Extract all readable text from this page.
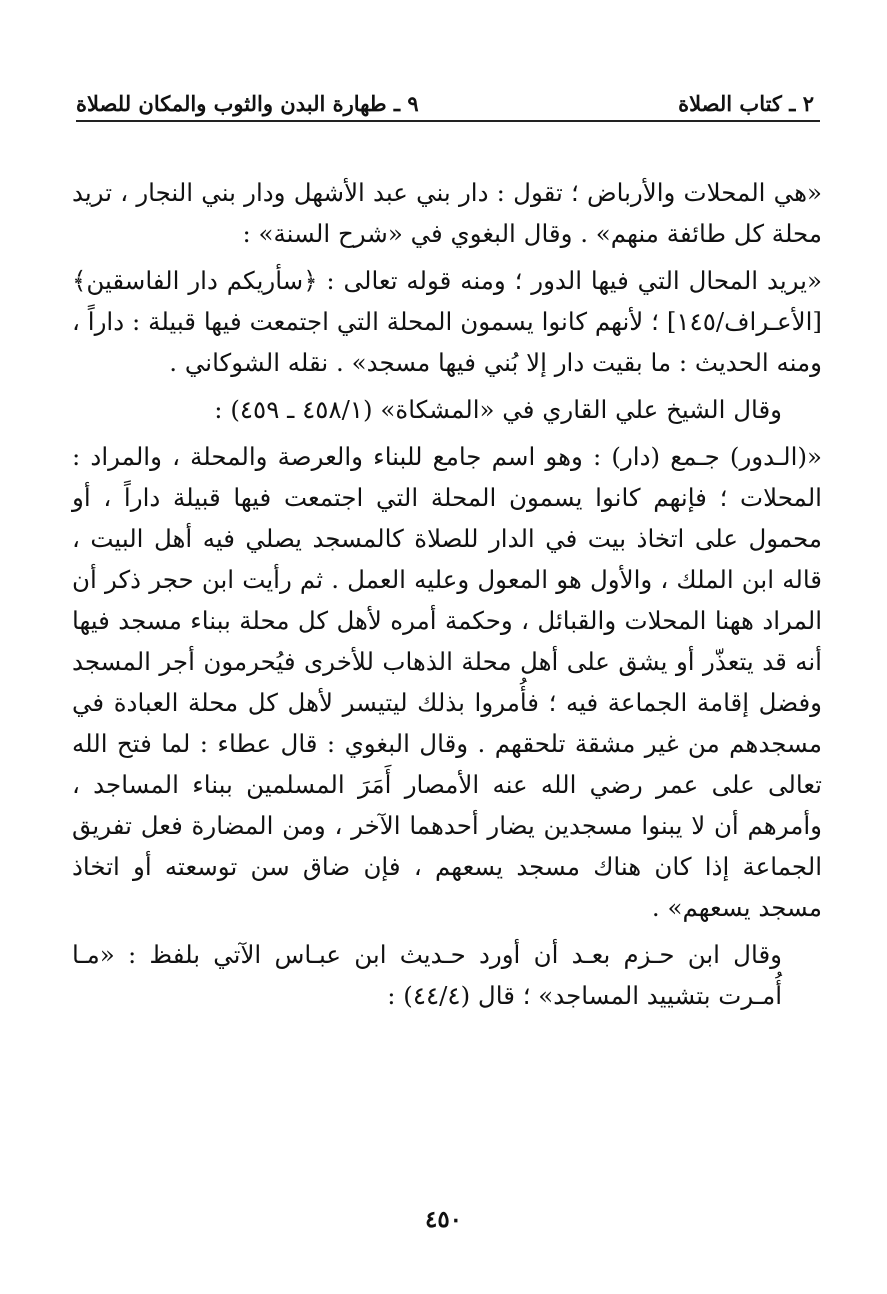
٢ ـ كتاب الصلاة
٩ ـ طهارة البدن والثوب والمكان للصلاة

«هي المحلات والأرباض ؛ تقول : دار بني عبد الأشهل ودار بني النجار ، تريد محلة كل طائفة منهم» . وقال البغوي في «شرح السنة» :

«يريد المحال التي فيها الدور ؛ ومنه قوله تعالى : ﴿سأريكم دار الفاسقين﴾ [الأعـراف/١٤٥] ؛ لأنهم كانوا يسمون المحلة التي اجتمعت فيها قبيلة : داراً ، ومنه الحديث : ما بقيت دار إلا بُني فيها مسجد» . نقله الشوكاني .

وقال الشيخ علي القاري في «المشكاة» (٤٥٨/١ ـ ٤٥٩) :

«(الـدور) جـمع (دار) : وهو اسم جامع للبناء والعرصة والمحلة ، والمراد : المحلات ؛ فإنهم كانوا يسمون المحلة التي اجتمعت فيها قبيلة داراً ، أو محمول على اتخاذ بيت في الدار للصلاة كالمسجد يصلي فيه أهل البيت ، قاله ابن الملك ، والأول هو المعول وعليه العمل . ثم رأيت ابن حجر ذكر أن المراد ههنا المحلات والقبائل ، وحكمة أمره لأهل كل محلة ببناء مسجد فيها أنه قد يتعذّر أو يشق على أهل محلة الذهاب للأخرى فيُحرمون أجر المسجد وفضل إقامة الجماعة فيه ؛ فأُمروا بذلك ليتيسر لأهل كل محلة العبادة في مسجدهم من غير مشقة تلحقهم . وقال البغوي : قال عطاء : لما فتح الله تعالى على عمر رضي الله عنه الأمصار أَمَرَ المسلمين ببناء المساجد ، وأمرهم أن لا يبنوا مسجدين يضار أحدهما الآخر ، ومن المضارة فعل تفريق الجماعة إذا كان هناك مسجد يسعهم ، فإن ضاق سن توسعته أو اتخاذ مسجد يسعهم» .

وقال ابن حـزم بعـد أن أورد حـديث ابن عبـاس الآتي بلفظ : «مـا أُمـرت بتشييد المساجد» ؛ قال (٤٤/٤) :

٤٥٠
